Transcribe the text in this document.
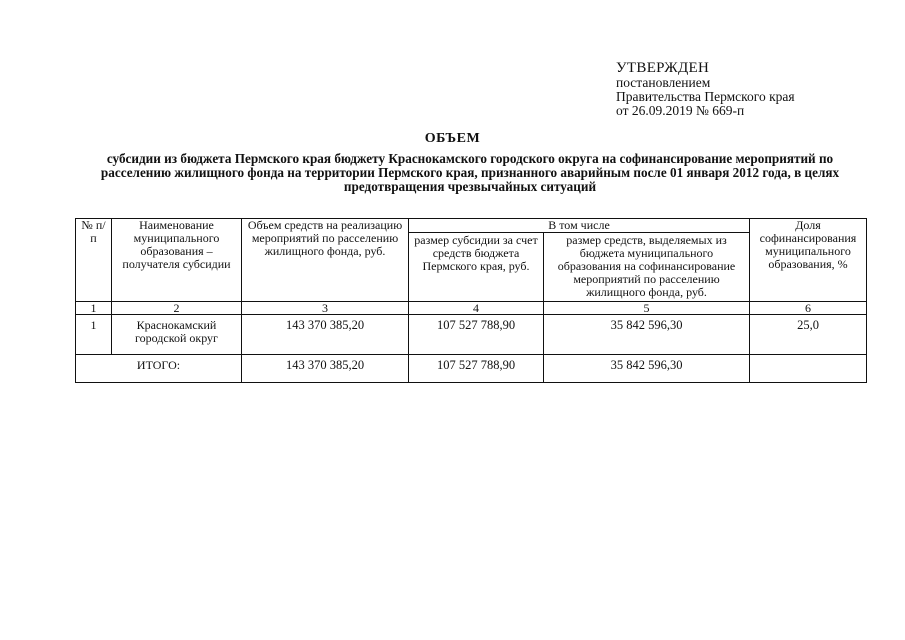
УТВЕРЖДЕН
постановлением
Правительства Пермского края
от 26.09.2019 № 669-п
ОБЪЕМ
субсидии из бюджета Пермского края бюджету Краснокамского городского округа на софинансирование мероприятий по расселению жилищного фонда на территории Пермского края, признанного аварийным после 01 января 2012 года, в целях предотвращения чрезвычайных ситуаций
№ п/п	Наименование муниципального образования – получателя субсидии	Объем средств на реализацию мероприятий по расселению жилищного фонда, руб.	В том числе		Доля софинансирования муниципального образования, %
			размер субсидии за счет средств бюджета Пермского края, руб.	размер средств, выделяемых из бюджета муниципального образования на софинансирование мероприятий по расселению жилищного фонда, руб.	
1	2	3	4	5	6
1	Краснокамский городской округ	143 370 385,20	107 527 788,90	35 842 596,30	25,0
ИТОГО:		143 370 385,20	107 527 788,90	35 842 596,30	
